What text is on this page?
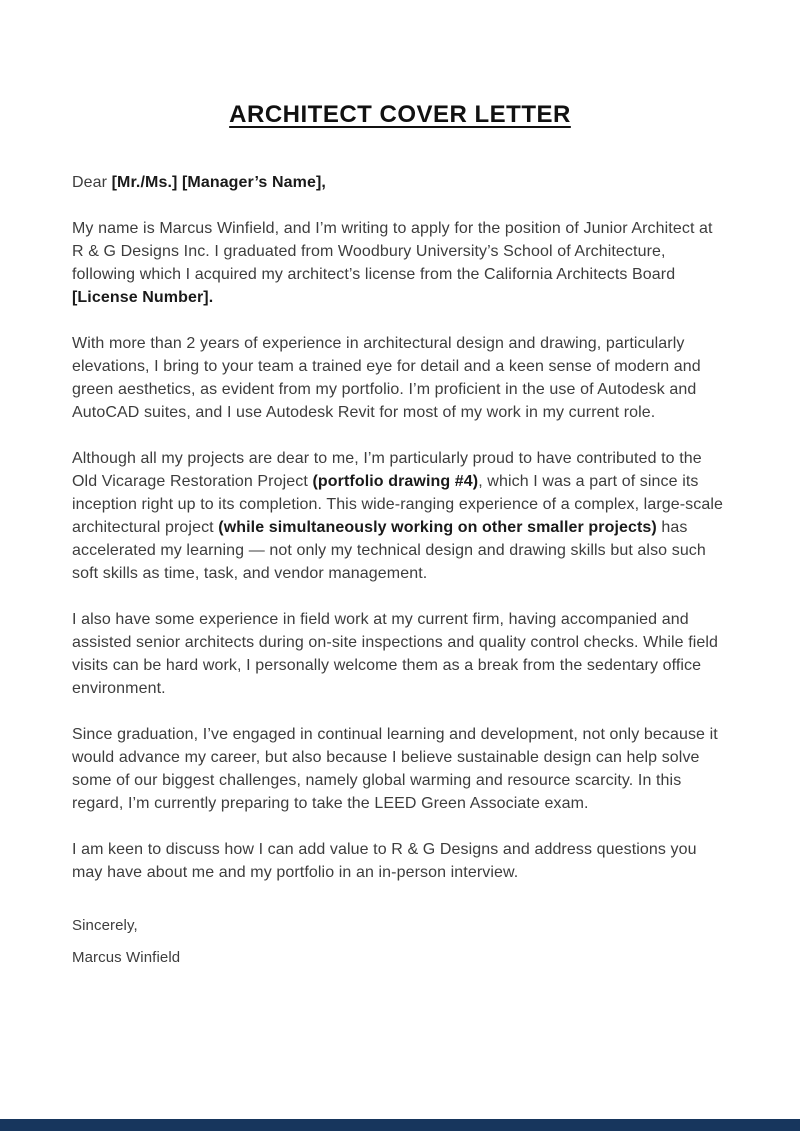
ARCHITECT COVER LETTER

Dear [Mr./Ms.] [Manager’s Name],

My name is Marcus Winfield, and I’m writing to apply for the position of Junior Architect at R & G Designs Inc. I graduated from Woodbury University’s School of Architecture, following which I acquired my architect’s license from the California Architects Board [License Number].

With more than 2 years of experience in architectural design and drawing, particularly elevations, I bring to your team a trained eye for detail and a keen sense of modern and green aesthetics, as evident from my portfolio. I’m proficient in the use of Autodesk and AutoCAD suites, and I use Autodesk Revit for most of my work in my current role.

Although all my projects are dear to me, I’m particularly proud to have contributed to the Old Vicarage Restoration Project (portfolio drawing #4), which I was a part of since its inception right up to its completion. This wide-ranging experience of a complex, large-scale architectural project (while simultaneously working on other smaller projects) has accelerated my learning — not only my technical design and drawing skills but also such soft skills as time, task, and vendor management.

I also have some experience in field work at my current firm, having accompanied and assisted senior architects during on-site inspections and quality control checks. While field visits can be hard work, I personally welcome them as a break from the sedentary office environment.

Since graduation, I’ve engaged in continual learning and development, not only because it would advance my career, but also because I believe sustainable design can help solve some of our biggest challenges, namely global warming and resource scarcity. In this regard, I’m currently preparing to take the LEED Green Associate exam.

I am keen to discuss how I can add value to R & G Designs and address questions you may have about me and my portfolio in an in-person interview.

Sincerely,

Marcus Winfield
